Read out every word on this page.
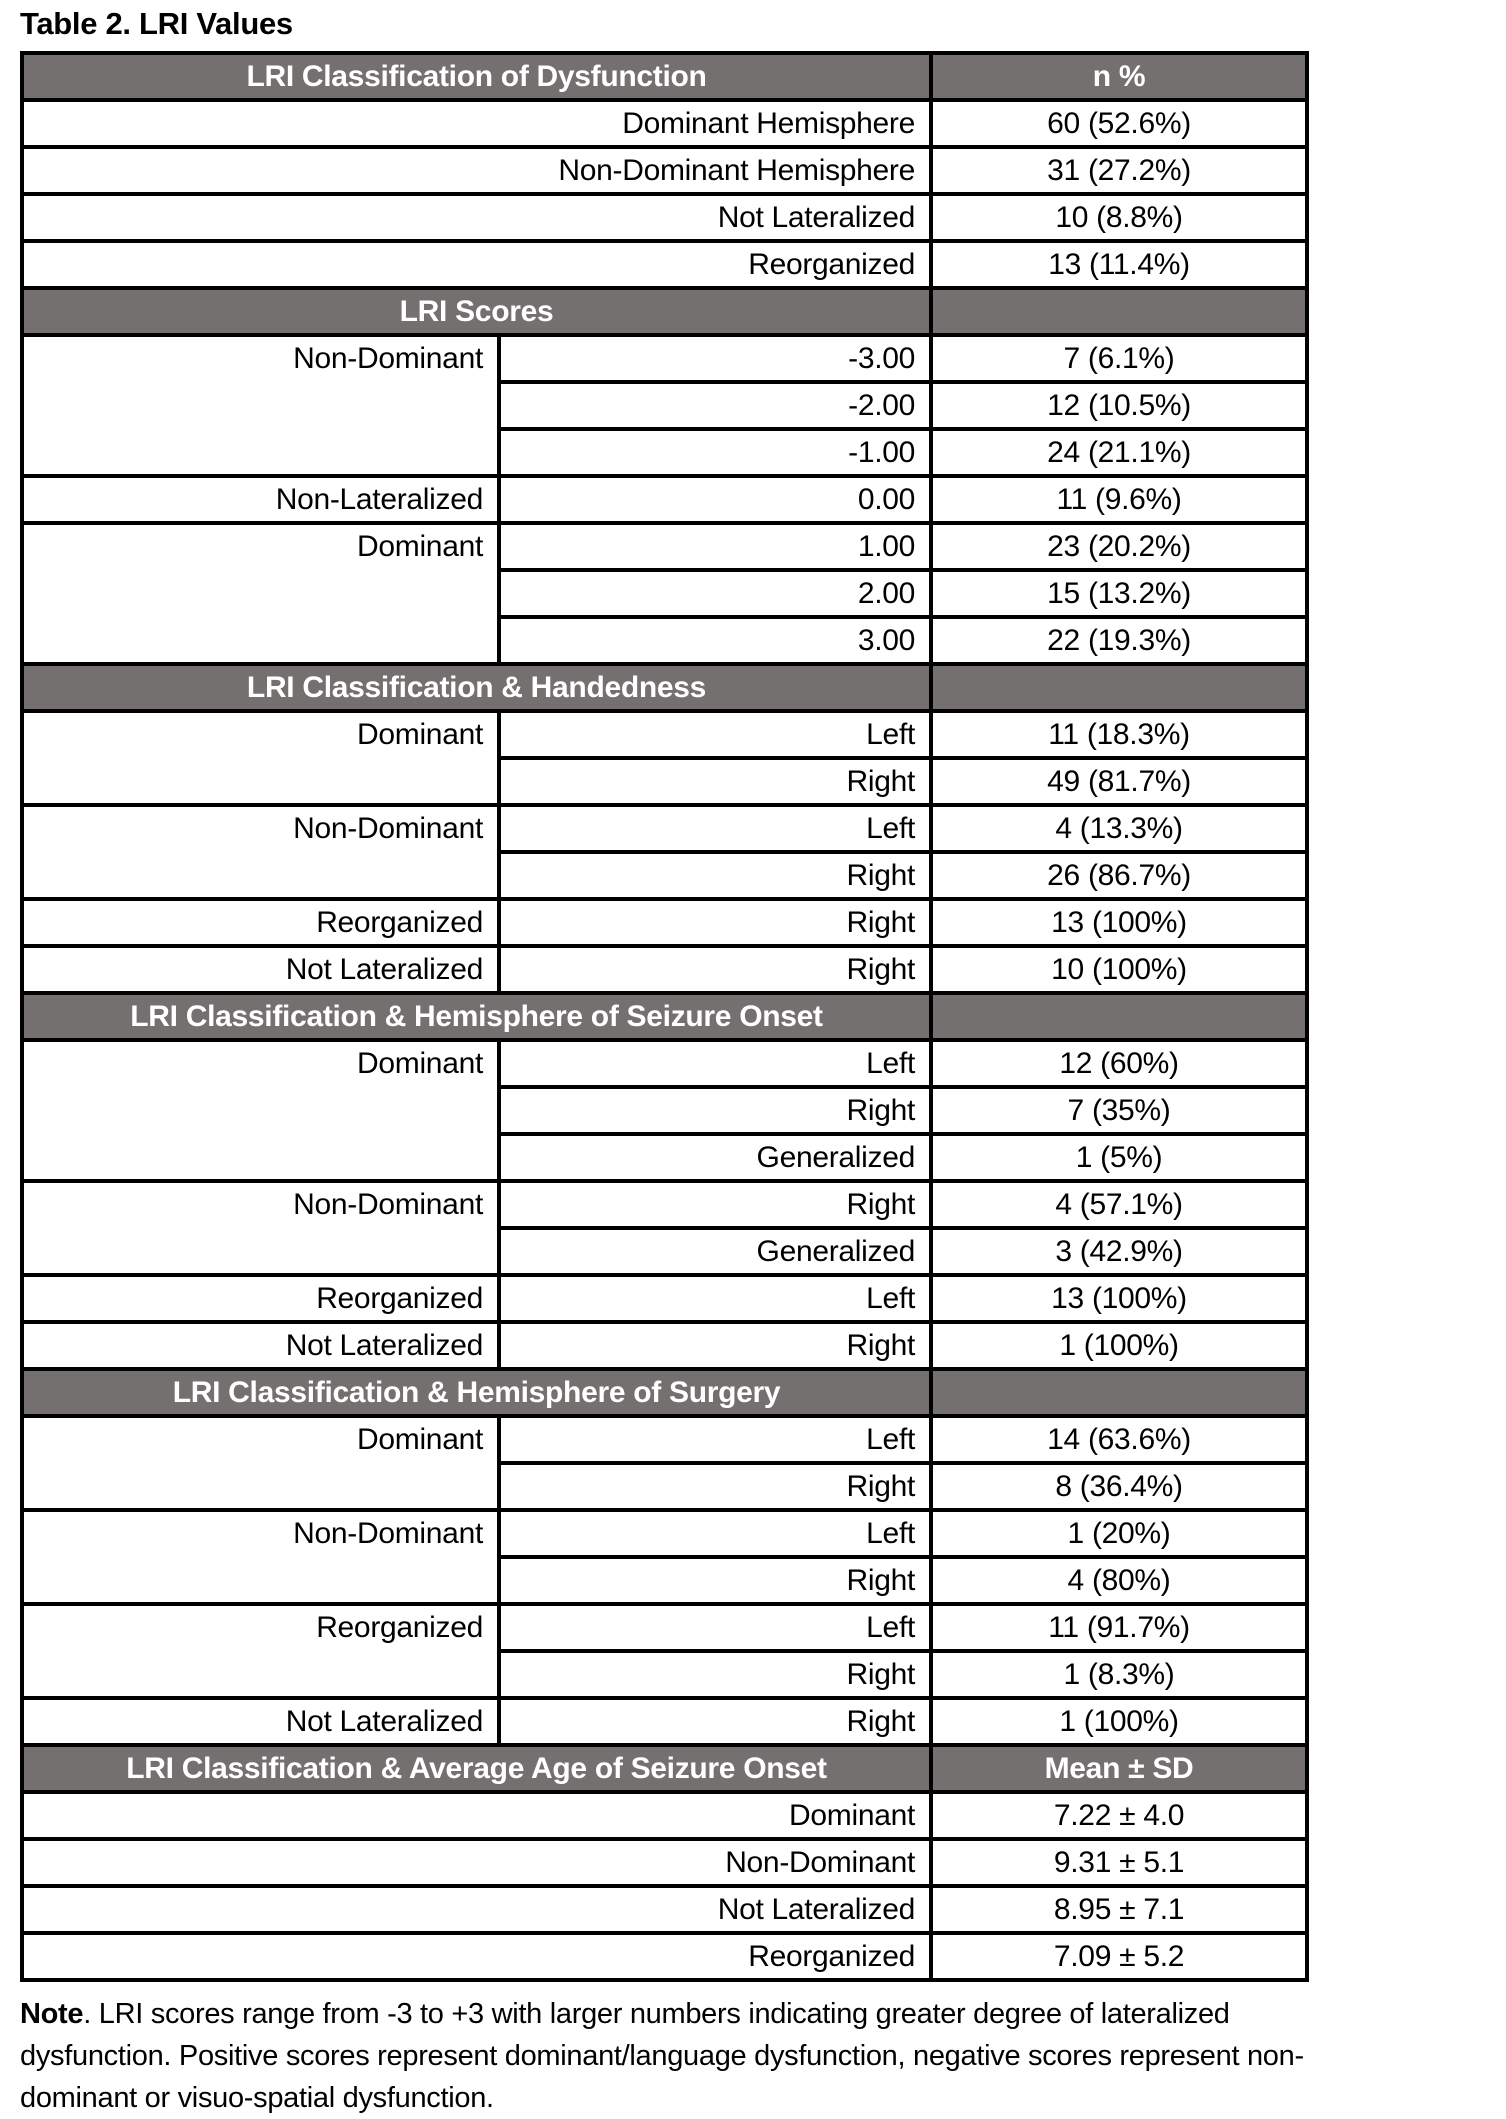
Table 2. LRI Values
LRI Classification of Dysfunction		n %
Dominant Hemisphere		60 (52.6%)
Non-Dominant Hemisphere		31 (27.2%)
Not Lateralized		10 (8.8%)
Reorganized		13 (11.4%)
LRI Scores		
Non-Dominant	-3.00	7 (6.1%)
	-2.00	12 (10.5%)
	-1.00	24 (21.1%)
Non-Lateralized	0.00	11 (9.6%)
Dominant	1.00	23 (20.2%)
	2.00	15 (13.2%)
	3.00	22 (19.3%)
LRI Classification & Handedness		
Dominant	Left	11 (18.3%)
	Right	49 (81.7%)
Non-Dominant	Left	4 (13.3%)
	Right	26 (86.7%)
Reorganized	Right	13 (100%)
Not Lateralized	Right	10 (100%)
LRI Classification & Hemisphere of Seizure Onset		
Dominant	Left	12 (60%)
	Right	7 (35%)
	Generalized	1 (5%)
Non-Dominant	Right	4 (57.1%)
	Generalized	3 (42.9%)
Reorganized	Left	13 (100%)
Not Lateralized	Right	1 (100%)
LRI Classification & Hemisphere of Surgery		
Dominant	Left	14 (63.6%)
	Right	8 (36.4%)
Non-Dominant	Left	1 (20%)
	Right	4 (80%)
Reorganized	Left	11 (91.7%)
	Right	1 (8.3%)
Not Lateralized	Right	1 (100%)
LRI Classification & Average Age of Seizure Onset		Mean ± SD
Dominant		7.22 ± 4.0
Non-Dominant		9.31 ± 5.1
Not Lateralized		8.95 ± 7.1
Reorganized		7.09 ± 5.2
Note. LRI scores range from -3 to +3 with larger numbers indicating greater degree of lateralized
dysfunction. Positive scores represent dominant/language dysfunction, negative scores represent non-
dominant or visuo-spatial dysfunction.
